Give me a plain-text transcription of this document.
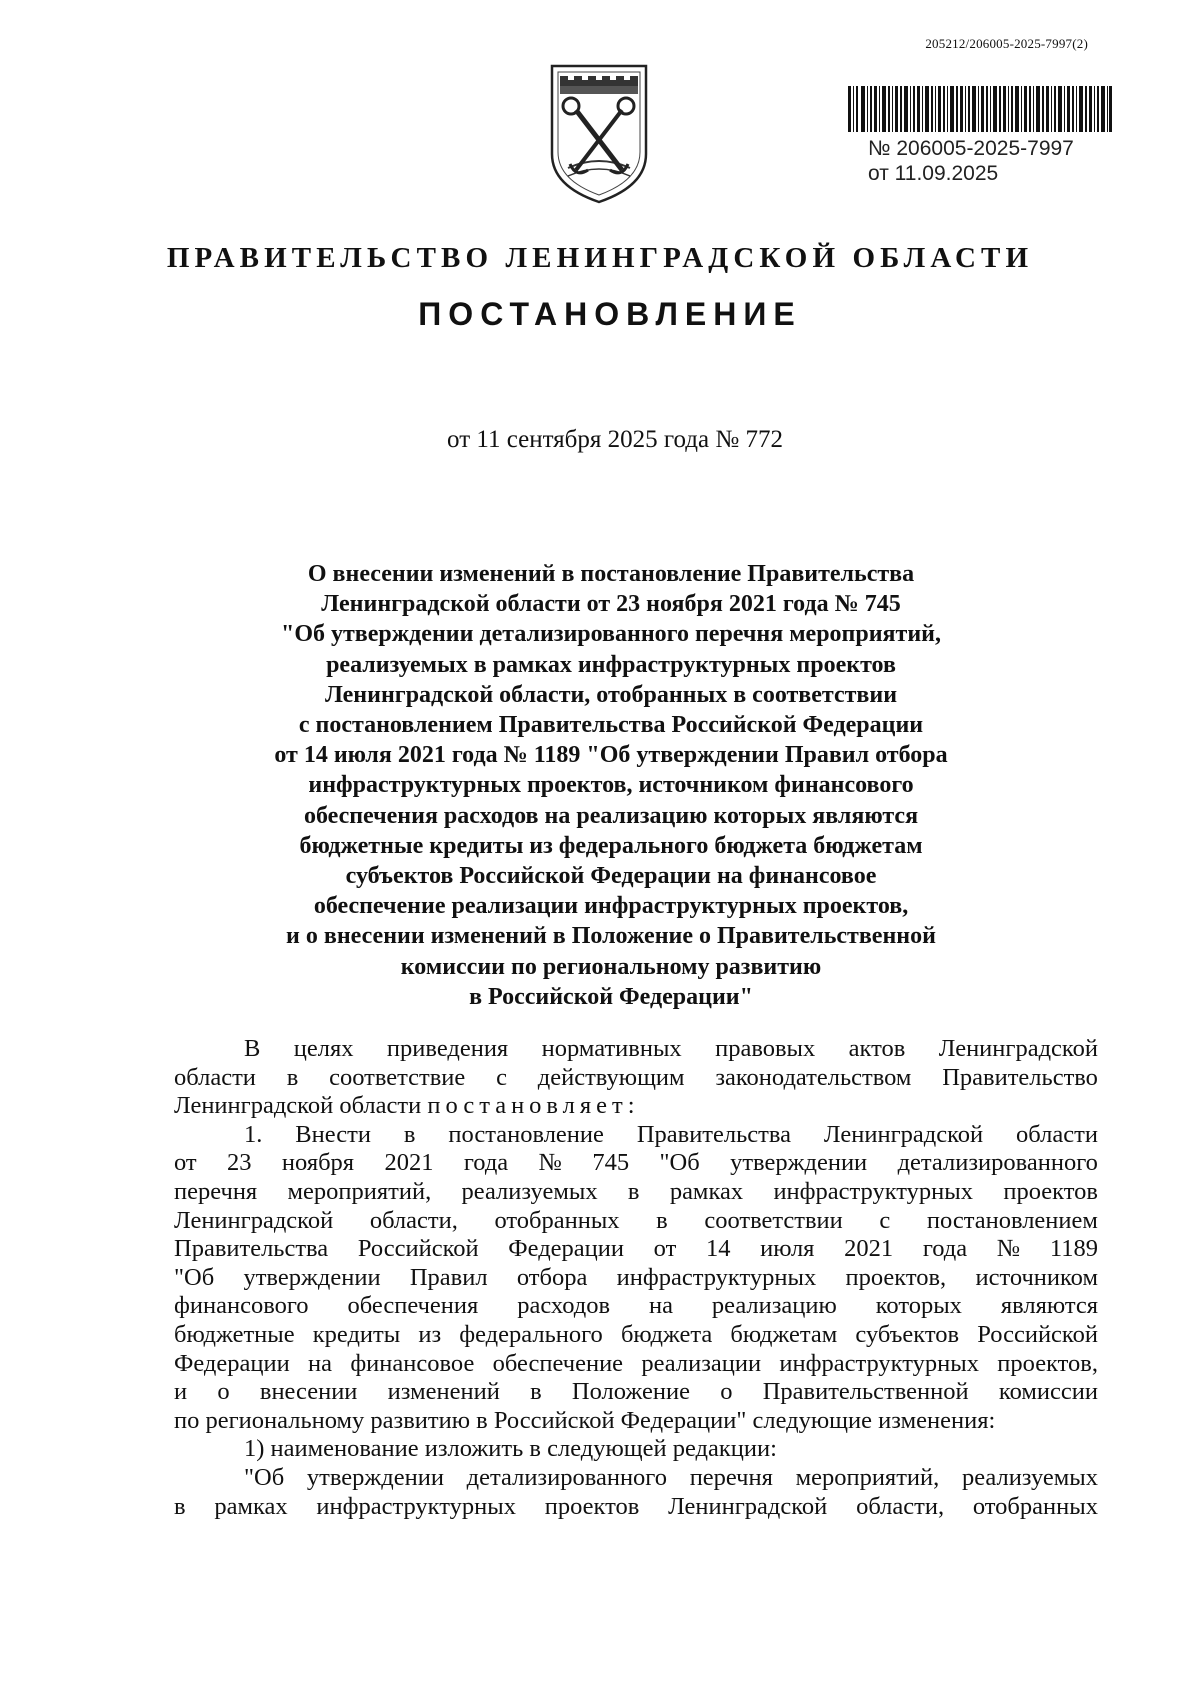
205212/206005-2025-7997(2)
№ 206005-2025-7997
от 11.09.2025
ПРАВИТЕЛЬСТВО ЛЕНИНГРАДСКОЙ ОБЛАСТИ
ПОСТАНОВЛЕНИЕ
от 11 сентября 2025 года № 772
О внесении изменений в постановление Правительства
Ленинградской области от 23 ноября 2021 года № 745
"Об утверждении детализированного перечня мероприятий,
реализуемых в рамках инфраструктурных проектов
Ленинградской области, отобранных в соответствии
с постановлением Правительства Российской Федерации
от 14 июля 2021 года № 1189 "Об утверждении Правил отбора
инфраструктурных проектов, источником финансового
обеспечения расходов на реализацию которых являются
бюджетные кредиты из федерального бюджета бюджетам
субъектов Российской Федерации на финансовое
обеспечение реализации инфраструктурных проектов,
и о внесении изменений в Положение о Правительственной
комиссии по региональному развитию
в Российской Федерации"
В целях приведения нормативных правовых актов Ленинградской
области в соответствие с действующим законодательством Правительство
Ленинградской области
постановляет:
1. Внести в постановление Правительства Ленинградской области
от 23 ноября 2021 года № 745 "Об утверждении детализированного
перечня мероприятий, реализуемых в рамках инфраструктурных проектов
Ленинградской области, отобранных в соответствии с постановлением
Правительства Российской Федерации от 14 июля 2021 года № 1189
"Об утверждении Правил отбора инфраструктурных проектов, источником
финансового обеспечения расходов на реализацию которых являются
бюджетные кредиты из федерального бюджета бюджетам субъектов Российской
Федерации на финансовое обеспечение реализации инфраструктурных проектов,
и о внесении изменений в Положение о Правительственной комиссии
по региональному развитию в Российской Федерации" следующие изменения:
1) наименование изложить в следующей редакции:
"Об утверждении детализированного перечня мероприятий, реализуемых
в рамках инфраструктурных проектов Ленинградской области, отобранных
